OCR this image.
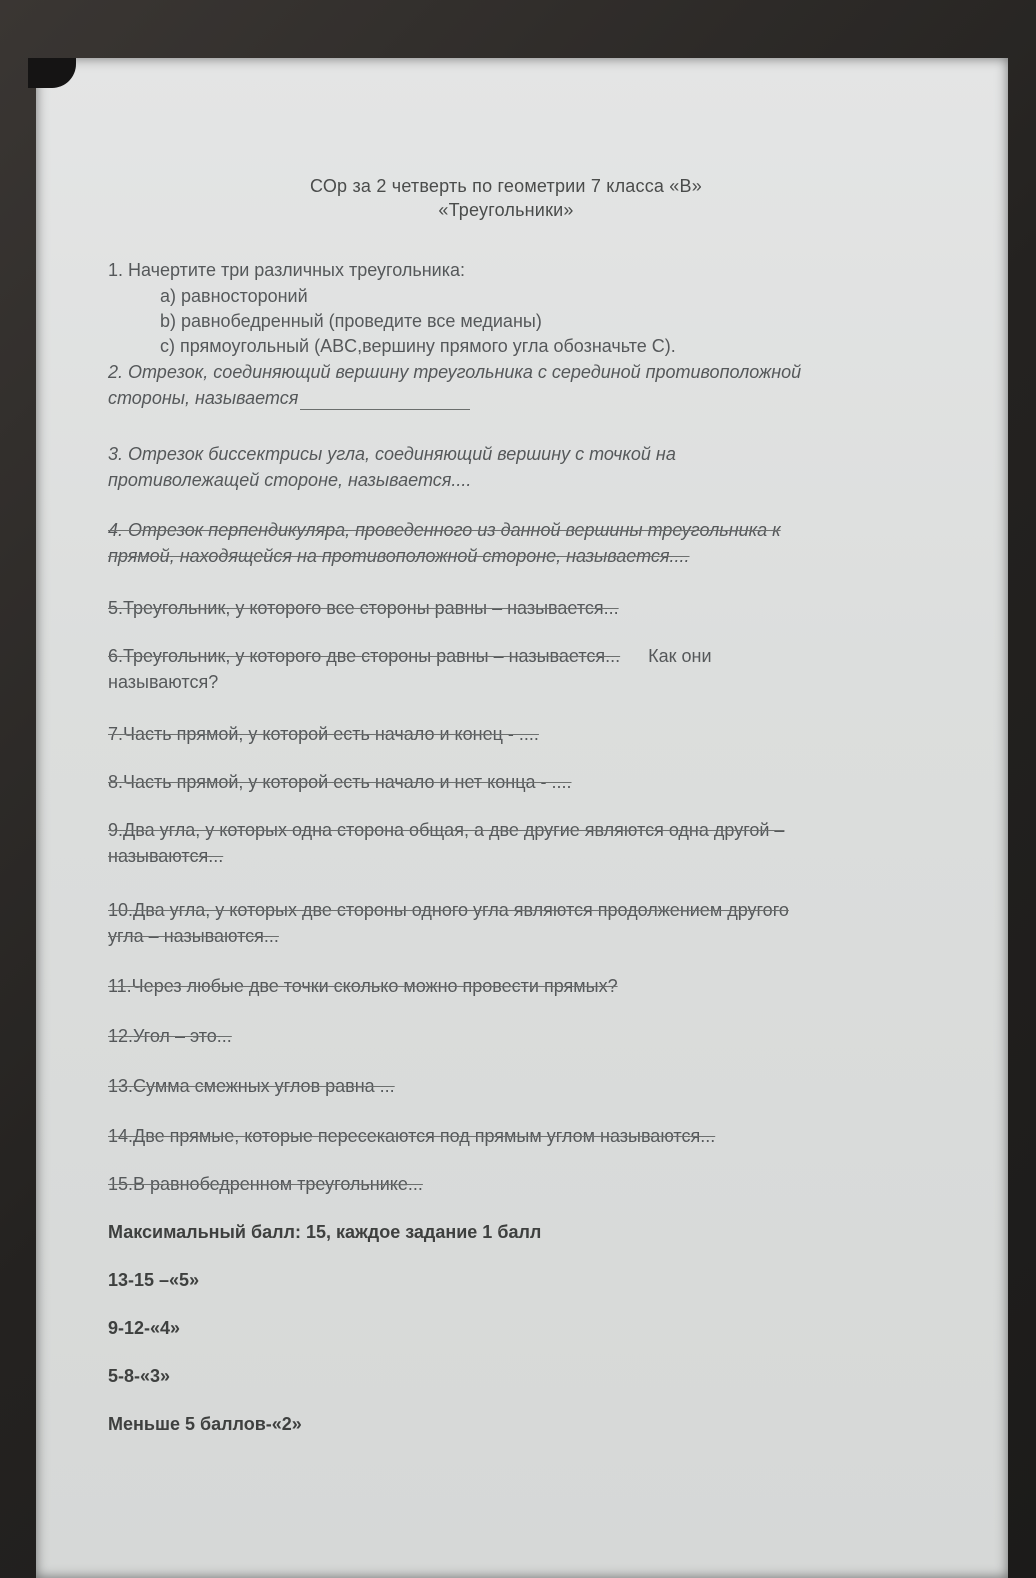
СОр за 2 четверть по геометрии 7 класса «В»
«Треугольники»
1. Начертите три различных треугольника:
a) равностороний
b) равнобедренный (проведите все медианы)
c) прямоугольный (ABC,вершину прямого угла обозначьте С).
2. Отрезок, соединяющий вершину треугольника с серединой противоположной
стороны, называется
3. Отрезок биссектрисы угла, соединяющий вершину с точкой на
противолежащей стороне, называется....
4. Отрезок перпендикуляра, проведенного из данной вершины треугольника к
прямой, находящейся на противоположной стороне, называется....
5.Треугольник, у которого все стороны равны – называется...
6.Треугольник, у которого две стороны равны – называется... Как они
называются?
7.Часть прямой, у которой есть начало и конец - ....
8.Часть прямой, у которой есть начало и нет конца - ....
9.Два угла, у которых одна сторона общая, а две другие являются одна другой –
называются...
10.Два угла, у которых две стороны одного угла являются продолжением другого
угла – называются...
11.Через любые две точки сколько можно провести прямых?
12.Угол – это...
13.Сумма смежных углов равна ...
14.Две прямые, которые пересекаются под прямым углом называются...
15.В равнобедренном треугольнике...
Максимальный балл: 15, каждое задание 1 балл
13-15 –«5»
9-12-«4»
5-8-«3»
Меньше 5 баллов-«2»
